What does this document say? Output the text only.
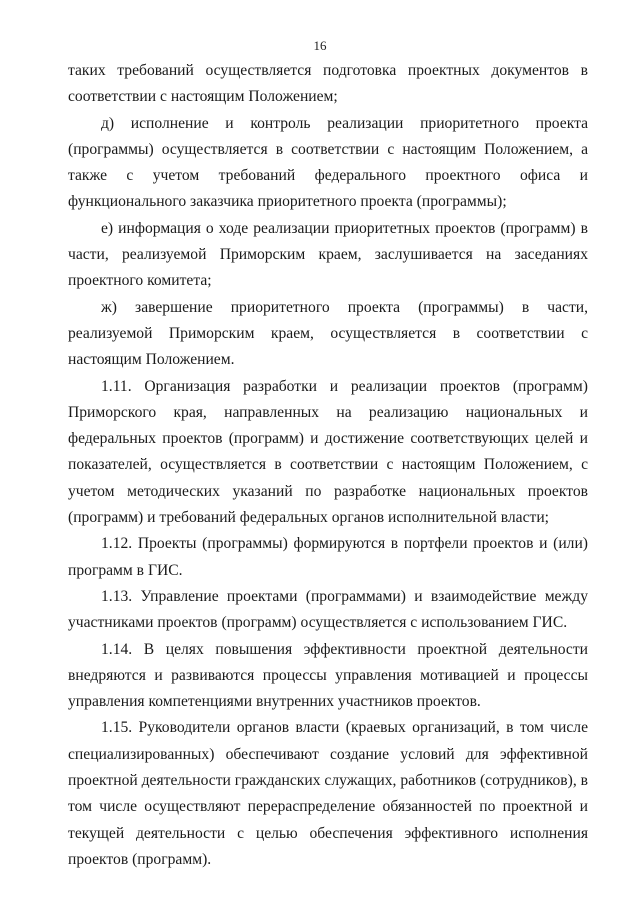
16

таких требований осуществляется подготовка проектных документов в соответствии с настоящим Положением;

д) исполнение и контроль реализации приоритетного проекта (программы) осуществляется в соответствии с настоящим Положением, а также с учетом требований федерального проектного офиса и функционального заказчика приоритетного проекта (программы);

е) информация о ходе реализации приоритетных проектов (программ) в части, реализуемой Приморским краем, заслушивается на заседаниях проектного комитета;

ж) завершение приоритетного проекта (программы) в части, реализуемой Приморским краем, осуществляется в соответствии с настоящим Положением.

1.11. Организация разработки и реализации проектов (программ) Приморского края, направленных на реализацию национальных и федеральных проектов (программ) и достижение соответствующих целей и показателей, осуществляется в соответствии с настоящим Положением, с учетом методических указаний по разработке национальных проектов (программ) и требований федеральных органов исполнительной власти;

1.12. Проекты (программы) формируются в портфели проектов и (или) программ в ГИС.

1.13. Управление проектами (программами) и взаимодействие между участниками проектов (программ) осуществляется с использованием ГИС.

1.14. В целях повышения эффективности проектной деятельности внедряются и развиваются процессы управления мотивацией и процессы управления компетенциями внутренних участников проектов.

1.15. Руководители органов власти (краевых организаций, в том числе специализированных) обеспечивают создание условий для эффективной проектной деятельности гражданских служащих, работников (сотрудников), в том числе осуществляют перераспределение обязанностей по проектной и текущей деятельности с целью обеспечения эффективного исполнения проектов (программ).
